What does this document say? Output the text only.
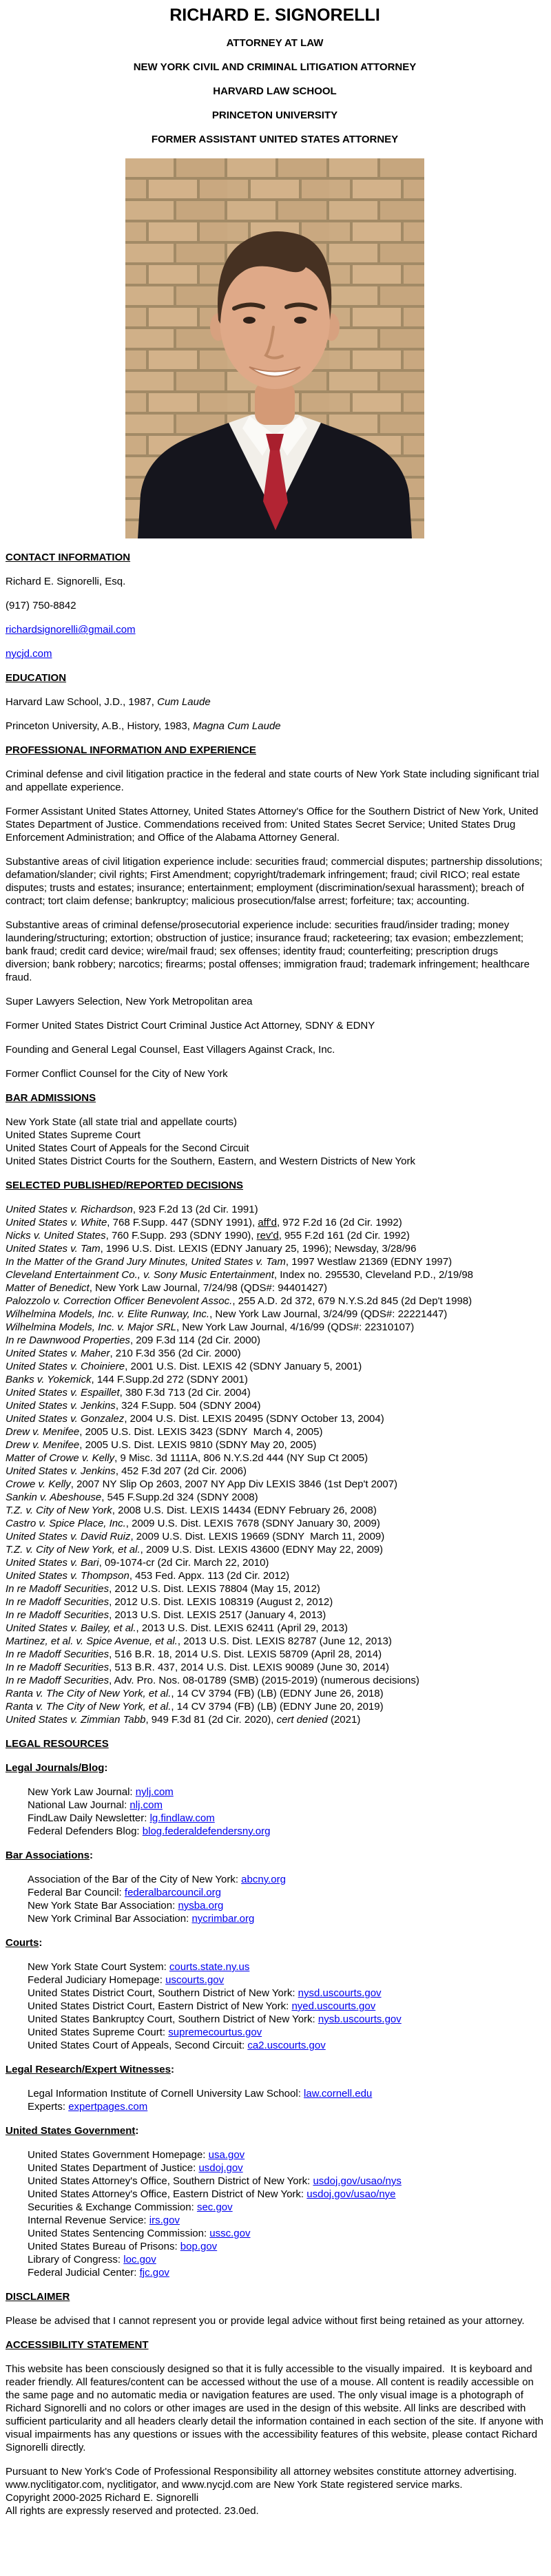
RICHARD E. SIGNORELLI
ATTORNEY AT LAW
NEW YORK CIVIL AND CRIMINAL LITIGATION ATTORNEY
HARVARD LAW SCHOOL
PRINCETON UNIVERSITY
FORMER ASSISTANT UNITED STATES ATTORNEY
CONTACT INFORMATION
Richard E. Signorelli, Esq.
(917) 750-8842
richardsignorelli@gmail.com
nycjd.com
EDUCATION
Harvard Law School, J.D., 1987, Cum Laude
Princeton University, A.B., History, 1983, Magna Cum Laude
PROFESSIONAL INFORMATION AND EXPERIENCE
Criminal defense and civil litigation practice in the federal and state courts of New York State including significant trial and appellate experience.
Former Assistant United States Attorney, United States Attorney's Office for the Southern District of New York, United States Department of Justice. Commendations received from: United States Secret Service; United States Drug Enforcement Administration; and Office of the Alabama Attorney General.
Substantive areas of civil litigation experience include: securities fraud; commercial disputes; partnership dissolutions; defamation/slander; civil rights; First Amendment; copyright/trademark infringement; fraud; civil RICO; real estate disputes; trusts and estates; insurance; entertainment; employment (discrimination/sexual harassment); breach of contract; tort claim defense; bankruptcy; malicious prosecution/false arrest; forfeiture; tax; accounting.
Substantive areas of criminal defense/prosecutorial experience include: securities fraud/insider trading; money laundering/structuring; extortion; obstruction of justice; insurance fraud; racketeering; tax evasion; embezzlement; bank fraud; credit card device; wire/mail fraud; sex offenses; identity fraud; counterfeiting; prescription drugs diversion; bank robbery; narcotics; firearms; postal offenses; immigration fraud; trademark infringement; healthcare fraud.
Super Lawyers Selection, New York Metropolitan area
Former United States District Court Criminal Justice Act Attorney, SDNY & EDNY
Founding and General Legal Counsel, East Villagers Against Crack, Inc.
Former Conflict Counsel for the City of New York
BAR ADMISSIONS
New York State (all state trial and appellate courts)
United States Supreme Court
United States Court of Appeals for the Second Circuit
United States District Courts for the Southern, Eastern, and Western Districts of New York
SELECTED PUBLISHED/REPORTED DECISIONS
United States v. Richardson, 923 F.2d 13 (2d Cir. 1991)
United States v. White, 768 F.Supp. 447 (SDNY 1991), aff'd, 972 F.2d 16 (2d Cir. 1992)
Nicks v. United States, 760 F.Supp. 293 (SDNY 1990), rev'd, 955 F.2d 161 (2d Cir. 1992)
United States v. Tam, 1996 U.S. Dist. LEXIS (EDNY January 25, 1996); Newsday, 3/28/96
In the Matter of the Grand Jury Minutes, United States v. Tam, 1997 Westlaw 21369 (EDNY 1997)
Cleveland Entertainment Co., v. Sony Music Entertainment, Index no. 295530, Cleveland P.D., 2/19/98
Matter of Benedict, New York Law Journal, 7/24/98 (QDS#: 94401427)
Palozzolo v. Correction Officer Benevolent Assoc., 255 A.D. 2d 372, 679 N.Y.S.2d 845 (2d Dep't 1998)
Wilhelmina Models, Inc. v. Elite Runway, Inc., New York Law Journal, 3/24/99 (QDS#: 22221447)
Wilhelmina Models, Inc. v. Major SRL, New York Law Journal, 4/16/99 (QDS#: 22310107)
In re Dawnwood Properties, 209 F.3d 114 (2d Cir. 2000)
United States v. Maher, 210 F.3d 356 (2d Cir. 2000)
United States v. Choiniere, 2001 U.S. Dist. LEXIS 42 (SDNY January 5, 2001)
Banks v. Yokemick, 144 F.Supp.2d 272 (SDNY 2001)
United States v. Espaillet, 380 F.3d 713 (2d Cir. 2004)
United States v. Jenkins, 324 F.Supp. 504 (SDNY 2004)
United States v. Gonzalez, 2004 U.S. Dist. LEXIS 20495 (SDNY October 13, 2004)
Drew v. Menifee, 2005 U.S. Dist. LEXIS 3423 (SDNY  March 4, 2005)
Drew v. Menifee, 2005 U.S. Dist. LEXIS 9810 (SDNY May 20, 2005)
Matter of Crowe v. Kelly, 9 Misc. 3d 1111A, 806 N.Y.S.2d 444 (NY Sup Ct 2005)
United States v. Jenkins, 452 F.3d 207 (2d Cir. 2006)
Crowe v. Kelly, 2007 NY Slip Op 2603, 2007 NY App Div LEXIS 3846 (1st Dep't 2007)
Sankin v. Abeshouse, 545 F.Supp.2d 324 (SDNY 2008)
T.Z. v. City of New York, 2008 U.S. Dist. LEXIS 14434 (EDNY February 26, 2008)
Castro v. Spice Place, Inc., 2009 U.S. Dist. LEXIS 7678 (SDNY January 30, 2009)
United States v. David Ruiz, 2009 U.S. Dist. LEXIS 19669 (SDNY  March 11, 2009)
T.Z. v. City of New York, et al., 2009 U.S. Dist. LEXIS 43600 (EDNY May 22, 2009)
United States v. Bari, 09-1074-cr (2d Cir. March 22, 2010)
United States v. Thompson, 453 Fed. Appx. 113 (2d Cir. 2012)
In re Madoff Securities, 2012 U.S. Dist. LEXIS 78804 (May 15, 2012)
In re Madoff Securities, 2012 U.S. Dist. LEXIS 108319 (August 2, 2012)
In re Madoff Securities, 2013 U.S. Dist. LEXIS 2517 (January 4, 2013)
United States v. Bailey, et al., 2013 U.S. Dist. LEXIS 62411 (April 29, 2013)
Martinez, et al. v. Spice Avenue, et al., 2013 U.S. Dist. LEXIS 82787 (June 12, 2013)
In re Madoff Securities, 516 B.R. 18, 2014 U.S. Dist. LEXIS 58709 (April 28, 2014)
In re Madoff Securities, 513 B.R. 437, 2014 U.S. Dist. LEXIS 90089 (June 30, 2014)
In re Madoff Securities, Adv. Pro. Nos. 08-01789 (SMB) (2015-2019) (numerous decisions)
Ranta v. The City of New York, et al., 14 CV 3794 (FB) (LB) (EDNY June 26, 2018)
Ranta v. The City of New York, et al., 14 CV 3794 (FB) (LB) (EDNY June 20, 2019)
United States v. Zimmian Tabb, 949 F.3d 81 (2d Cir. 2020), cert denied (2021)
LEGAL RESOURCES
Legal Journals/Blog:
New York Law Journal: nylj.com
National Law Journal: nlj.com
FindLaw Daily Newsletter: lg.findlaw.com
Federal Defenders Blog: blog.federaldefendersny.org
Bar Associations:
Association of the Bar of the City of New York: abcny.org
Federal Bar Council: federalbarcouncil.org
New York State Bar Association: nysba.org
New York Criminal Bar Association: nycrimbar.org
Courts:
New York State Court System: courts.state.ny.us
Federal Judiciary Homepage: uscourts.gov
United States District Court, Southern District of New York: nysd.uscourts.gov
United States District Court, Eastern District of New York: nyed.uscourts.gov
United States Bankruptcy Court, Southern District of New York: nysb.uscourts.gov
United States Supreme Court: supremecourtus.gov
United States Court of Appeals, Second Circuit: ca2.uscourts.gov
Legal Research/Expert Witnesses:
Legal Information Institute of Cornell University Law School: law.cornell.edu
Experts: expertpages.com
United States Government:
United States Government Homepage: usa.gov
United States Department of Justice: usdoj.gov
United States Attorney's Office, Southern District of New York: usdoj.gov/usao/nys
United States Attorney's Office, Eastern District of New York: usdoj.gov/usao/nye
Securities & Exchange Commission: sec.gov
Internal Revenue Service: irs.gov
United States Sentencing Commission: ussc.gov
United States Bureau of Prisons: bop.gov
Library of Congress: loc.gov
Federal Judicial Center: fjc.gov
DISCLAIMER
Please be advised that I cannot represent you or provide legal advice without first being retained as your attorney.
ACCESSIBILITY STATEMENT
This website has been consciously designed so that it is fully accessible to the visually impaired.  It is keyboard and reader friendly. All features/content can be accessed without the use of a mouse. All content is readily accessible on the same page and no automatic media or navigation features are used. The only visual image is a photograph of Richard Signorelli and no colors or other images are used in the design of this website. All links are described with sufficient particularity and all headers clearly detail the information contained in each section of the site. If anyone with visual impairments has any questions or issues with the accessibility features of this website, please contact Richard Signorelli directly.
Pursuant to New York's Code of Professional Responsibility all attorney websites constitute attorney advertising.
www.nyclitigator.com, nyclitigator, and www.nycjd.com are New York State registered service marks.
Copyright 2000-2025 Richard E. Signorelli
All rights are expressly reserved and protected. 23.0ed.
